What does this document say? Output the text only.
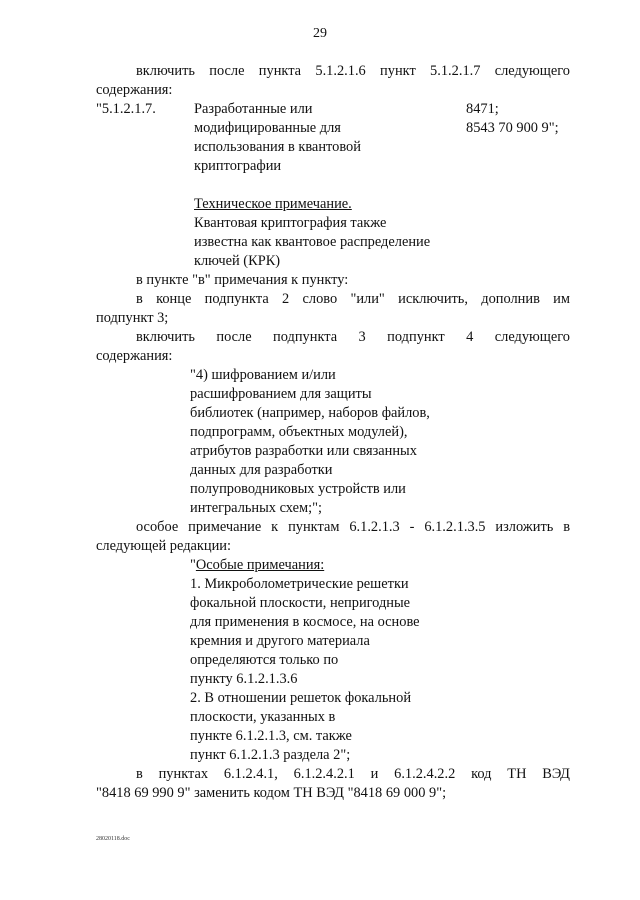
29
включить после пункта 5.1.2.1.6 пункт 5.1.2.1.7 следующего
содержания:
"5.1.2.1.7.	Разработанные или
модифицированные для
использования в квантовой
криптографии
8471;
8543 70 900 9";
Техническое примечание.
Квантовая криптография также
известна как квантовое распределение
ключей (КРК)
в пункте "в" примечания к пункту:
в конце подпункта 2 слово "или" исключить, дополнив им
подпункт 3;
включить после подпункта 3 подпункт 4 следующего
содержания:
"4) шифрованием и/или
расшифрованием для защиты
библиотек (например, наборов файлов,
подпрограмм, объектных модулей),
атрибутов разработки или связанных
данных для разработки
полупроводниковых устройств или
интегральных схем;";
особое примечание к пунктам 6.1.2.1.3 - 6.1.2.1.3.5 изложить в
следующей редакции:
"Особые примечания:
1. Микроболометрические решетки
фокальной плоскости, непригодные
для применения в космосе, на основе
кремния и другого материала
определяются только по
пункту 6.1.2.1.3.6
2. В отношении решеток фокальной
плоскости, указанных в
пункте 6.1.2.1.3, см. также
пункт 6.1.2.1.3 раздела 2";
в пунктах 6.1.2.4.1, 6.1.2.4.2.1 и 6.1.2.4.2.2 код ТН ВЭД
"8418 69 990 9" заменить кодом ТН ВЭД "8418 69 000 9";
28020118.doc
